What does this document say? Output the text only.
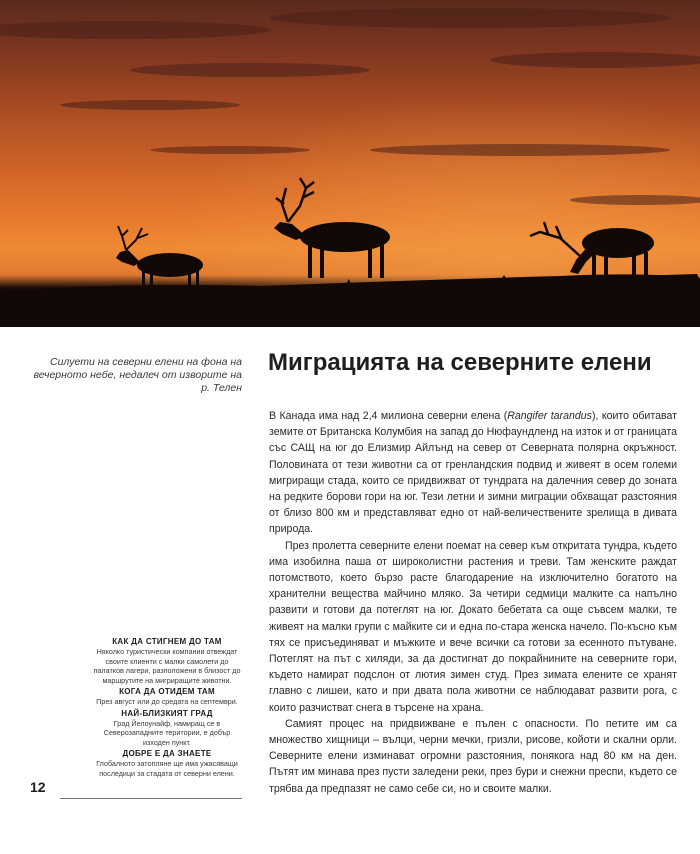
Силуети на северни елени на фона на вечерното небе, недалеч от изворите на р. Телен
Миграцията на северните елени

В Канада има над 2,4 милиона северни елена (Rangifer tarandus), които обитават земите от Британска Колумбия на запад до Нюфаундленд на изток и от границата със САЩ на юг до Елизмир Айлънд на север от Северната полярна окръжност. Половината от тези животни са от гренландския подвид и живеят в осем големи мигриращи стада, които се придвижват от тундрата на далечния север до зоната на редките борови гори на юг. Тези летни и зимни миграции обхващат разстояния от близо 800 км и представляват едно от най-величествените зрелища в дивата природа.

През пролетта северните елени поемат на север към откритата тундра, където има изобилна паша от широколистни растения и треви. Там женските раждат потомството, което бързо расте благодарение на изключително богатото на хранителни вещества майчино мляко. За четири седмици малките са напълно развити и готови да потеглят на юг. Докато бебетата са още съвсем малки, те живеят на малки групи с майките си и една по-стара женска начело. По-късно към тях се присъединяват и мъжките и вече всички са готови за есенното пътуване. Потеглят на път с хиляди, за да достигнат до покрайнините на северните гори, където намират подслон от лютия зимен студ. През зимата елените се хранят главно с лишеи, като и при двата пола животни се наблюдават развити рога, с които разчистват снега в търсене на храна.

Самият процес на придвижване е пълен с опасности. По петите им са множество хищници – вълци, черни мечки, гризли, рисове, койоти и скални орли. Северните елени изминават огромни разстояния, понякога над 80 км на ден. Пътят им минава през пусти заледени реки, през бури и снежни преспи, където се трябва да предпазят не само себе си, но и своите малки.

КАК ДА СТИГНЕМ ДО ТАМ

Няколко туристически компании отвеждат своите клиенти с малки самолети до палатков лагери, разположени в близост до маршрутите на мигриращите животни.

КОГА ДА ОТИДЕМ ТАМ

През август или до средата на септември.

НАЙ-БЛИЗКИЯТ ГРАД

Град Йелоунайф, намиращ се в Северозападните територии, е добър изходен пункт.

ДОБРЕ Е ДА ЗНАЕТЕ

Глобалното затопляне ще има ужасяващи последици за стадата от северни елени.

12
